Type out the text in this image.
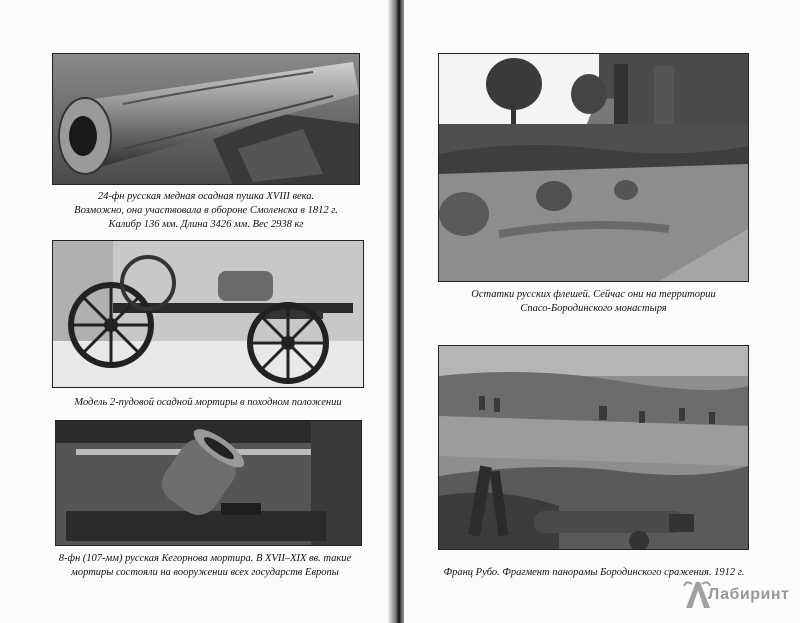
24-фн русская медная осадная пушка XVIII века.
Возможно, она участвовала в обороне Смоленска в 1812 г.
Калибр 136 мм. Длина 3426 мм. Вес 2938 кг
Модель 2-пудовой осадной мортиры в походном положении
8-фн (107-мм) русская Кегорнова мортира. В XVII–XIX вв. такие
мортиры состояли на вооружении всех государств Европы
Остатки русских флешей. Сейчас они на территории
Спасо-Бородинского монастыря
Франц Рубо. Фрагмент панорамы Бородинского сражения. 1912 г.
Лабиринт
